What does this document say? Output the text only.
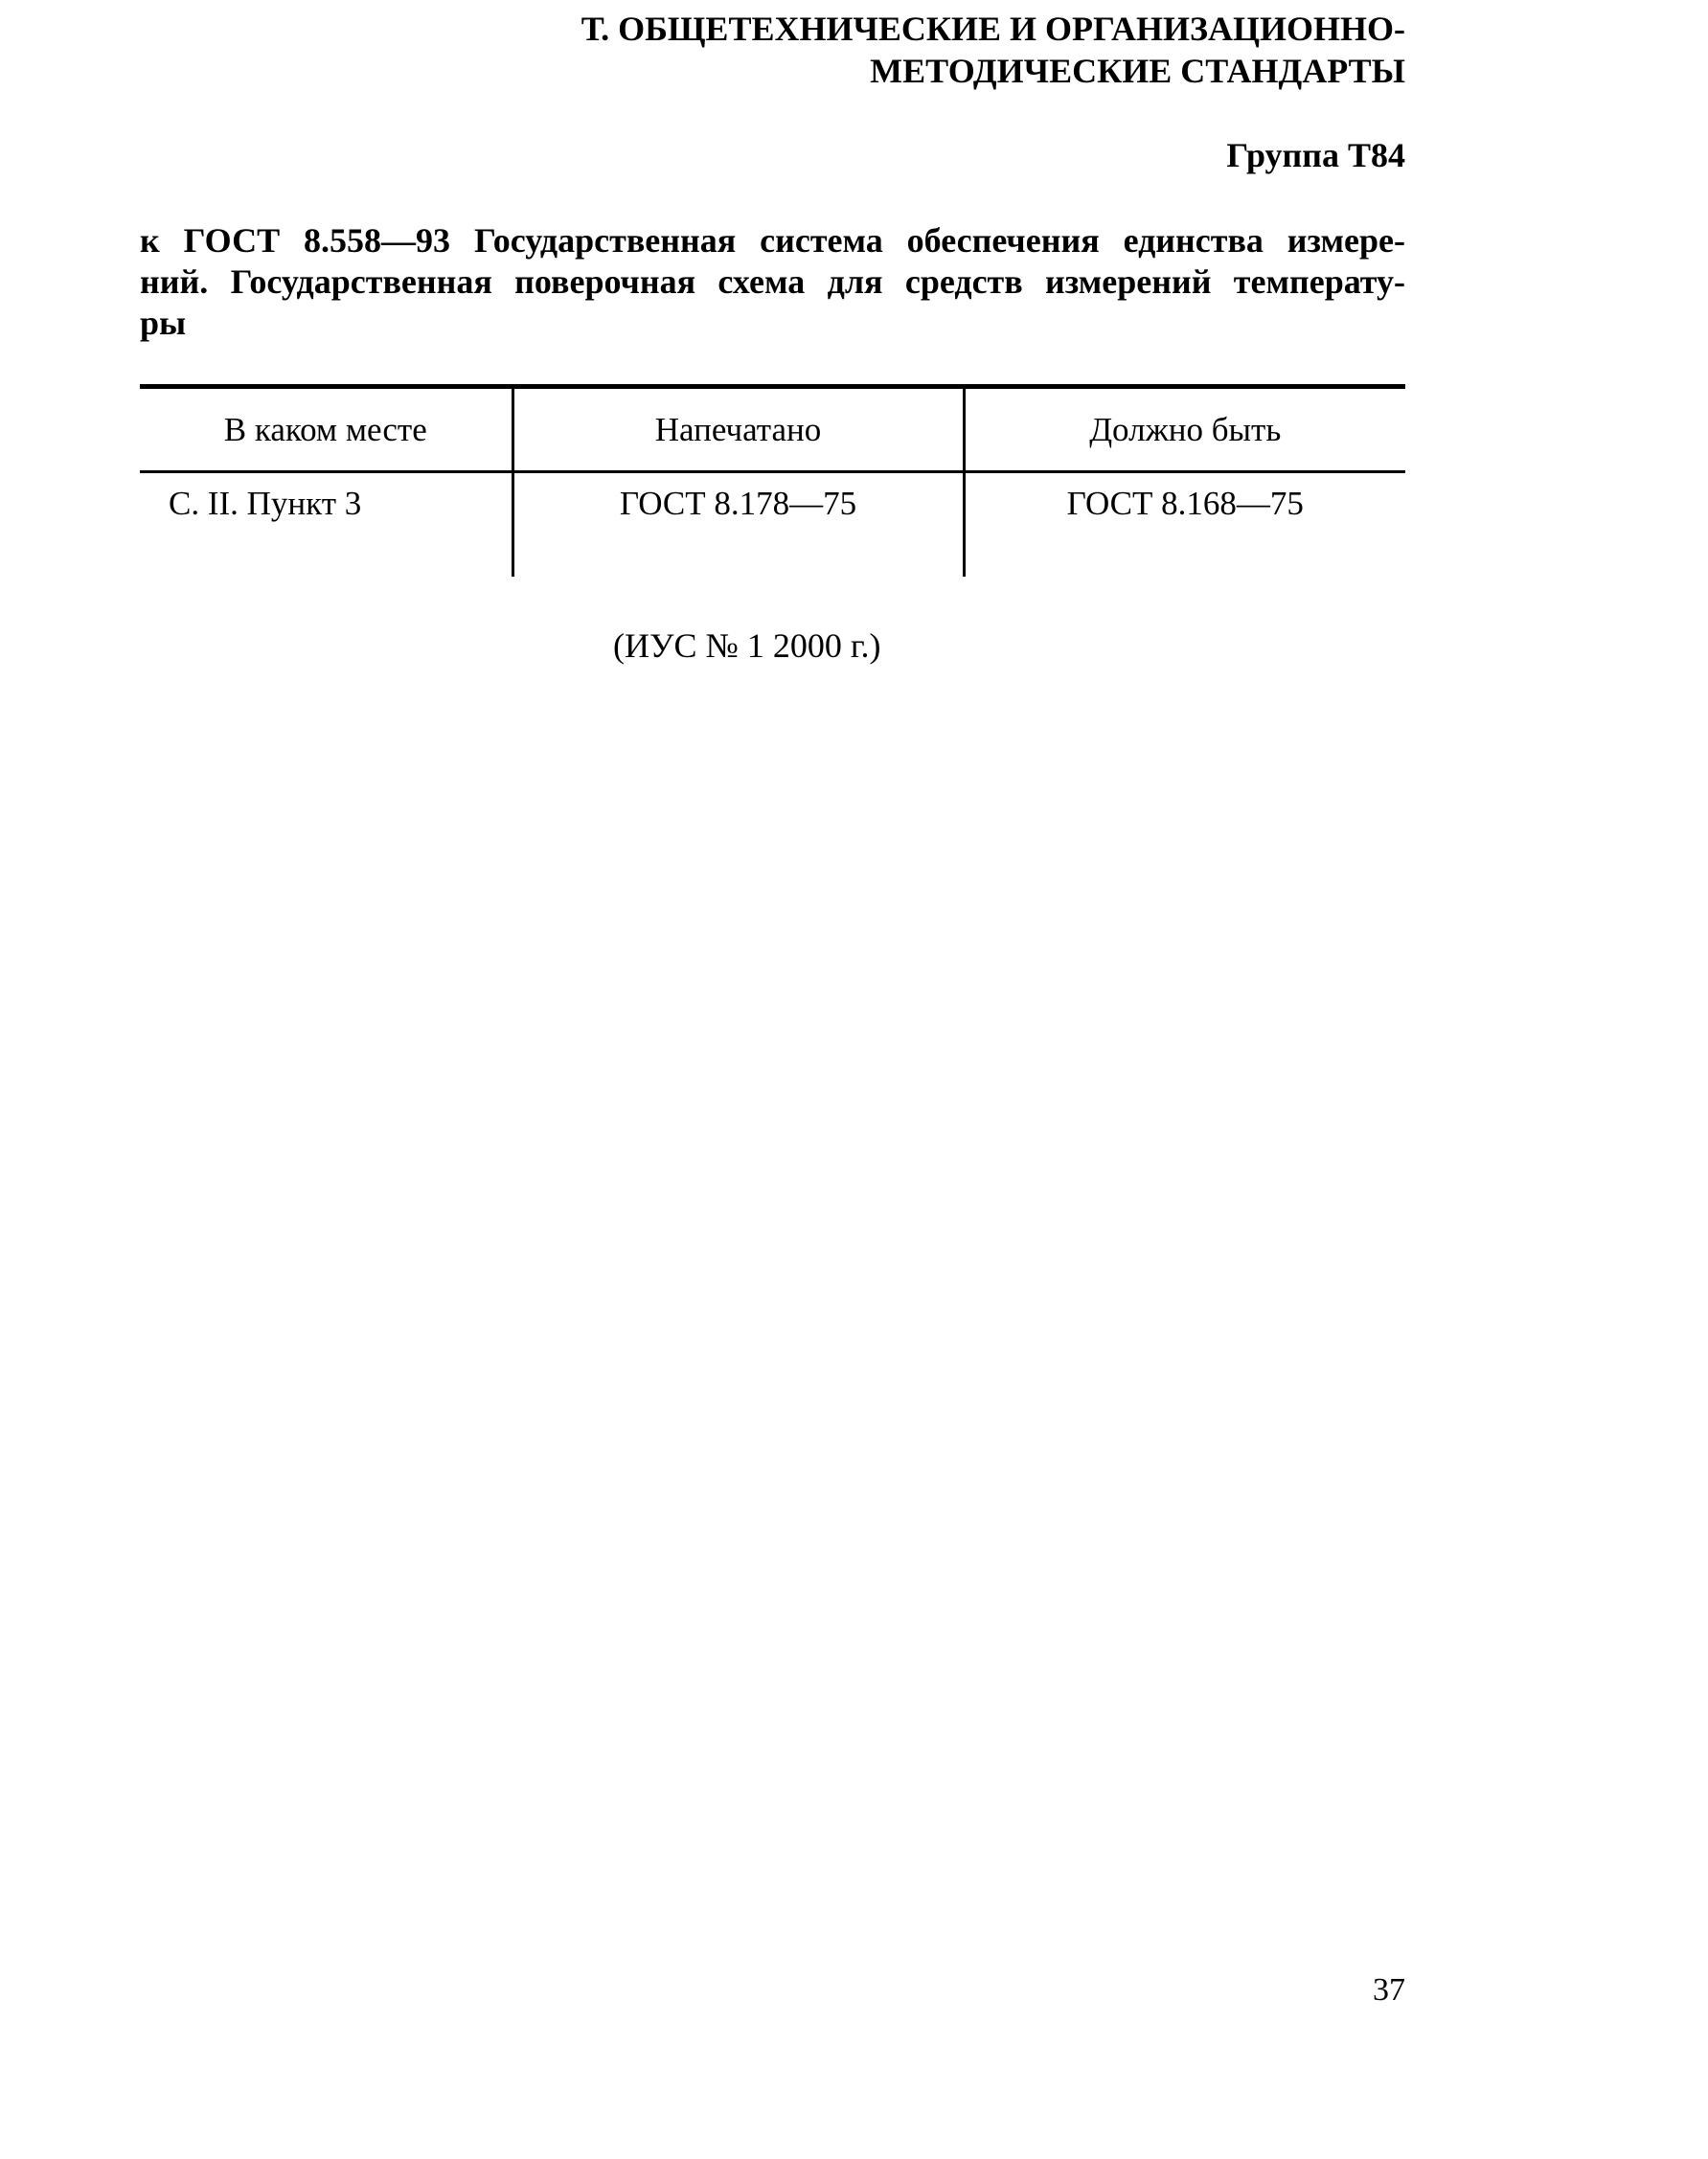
Т. ОБЩЕТЕХНИЧЕСКИЕ И ОРГАНИЗАЦИОННО-
МЕТОДИЧЕСКИЕ СТАНДАРТЫ
Группа Т84
к ГОСТ 8.558—93 Государственная система обеспечения единства измере-
ний. Государственная поверочная схема для средств измерений температу-
ры
В каком месте	Напечатано	Должно быть
С. II. Пункт 3	ГОСТ 8.178—75	ГОСТ 8.168—75
(ИУС № 1 2000 г.)
37
